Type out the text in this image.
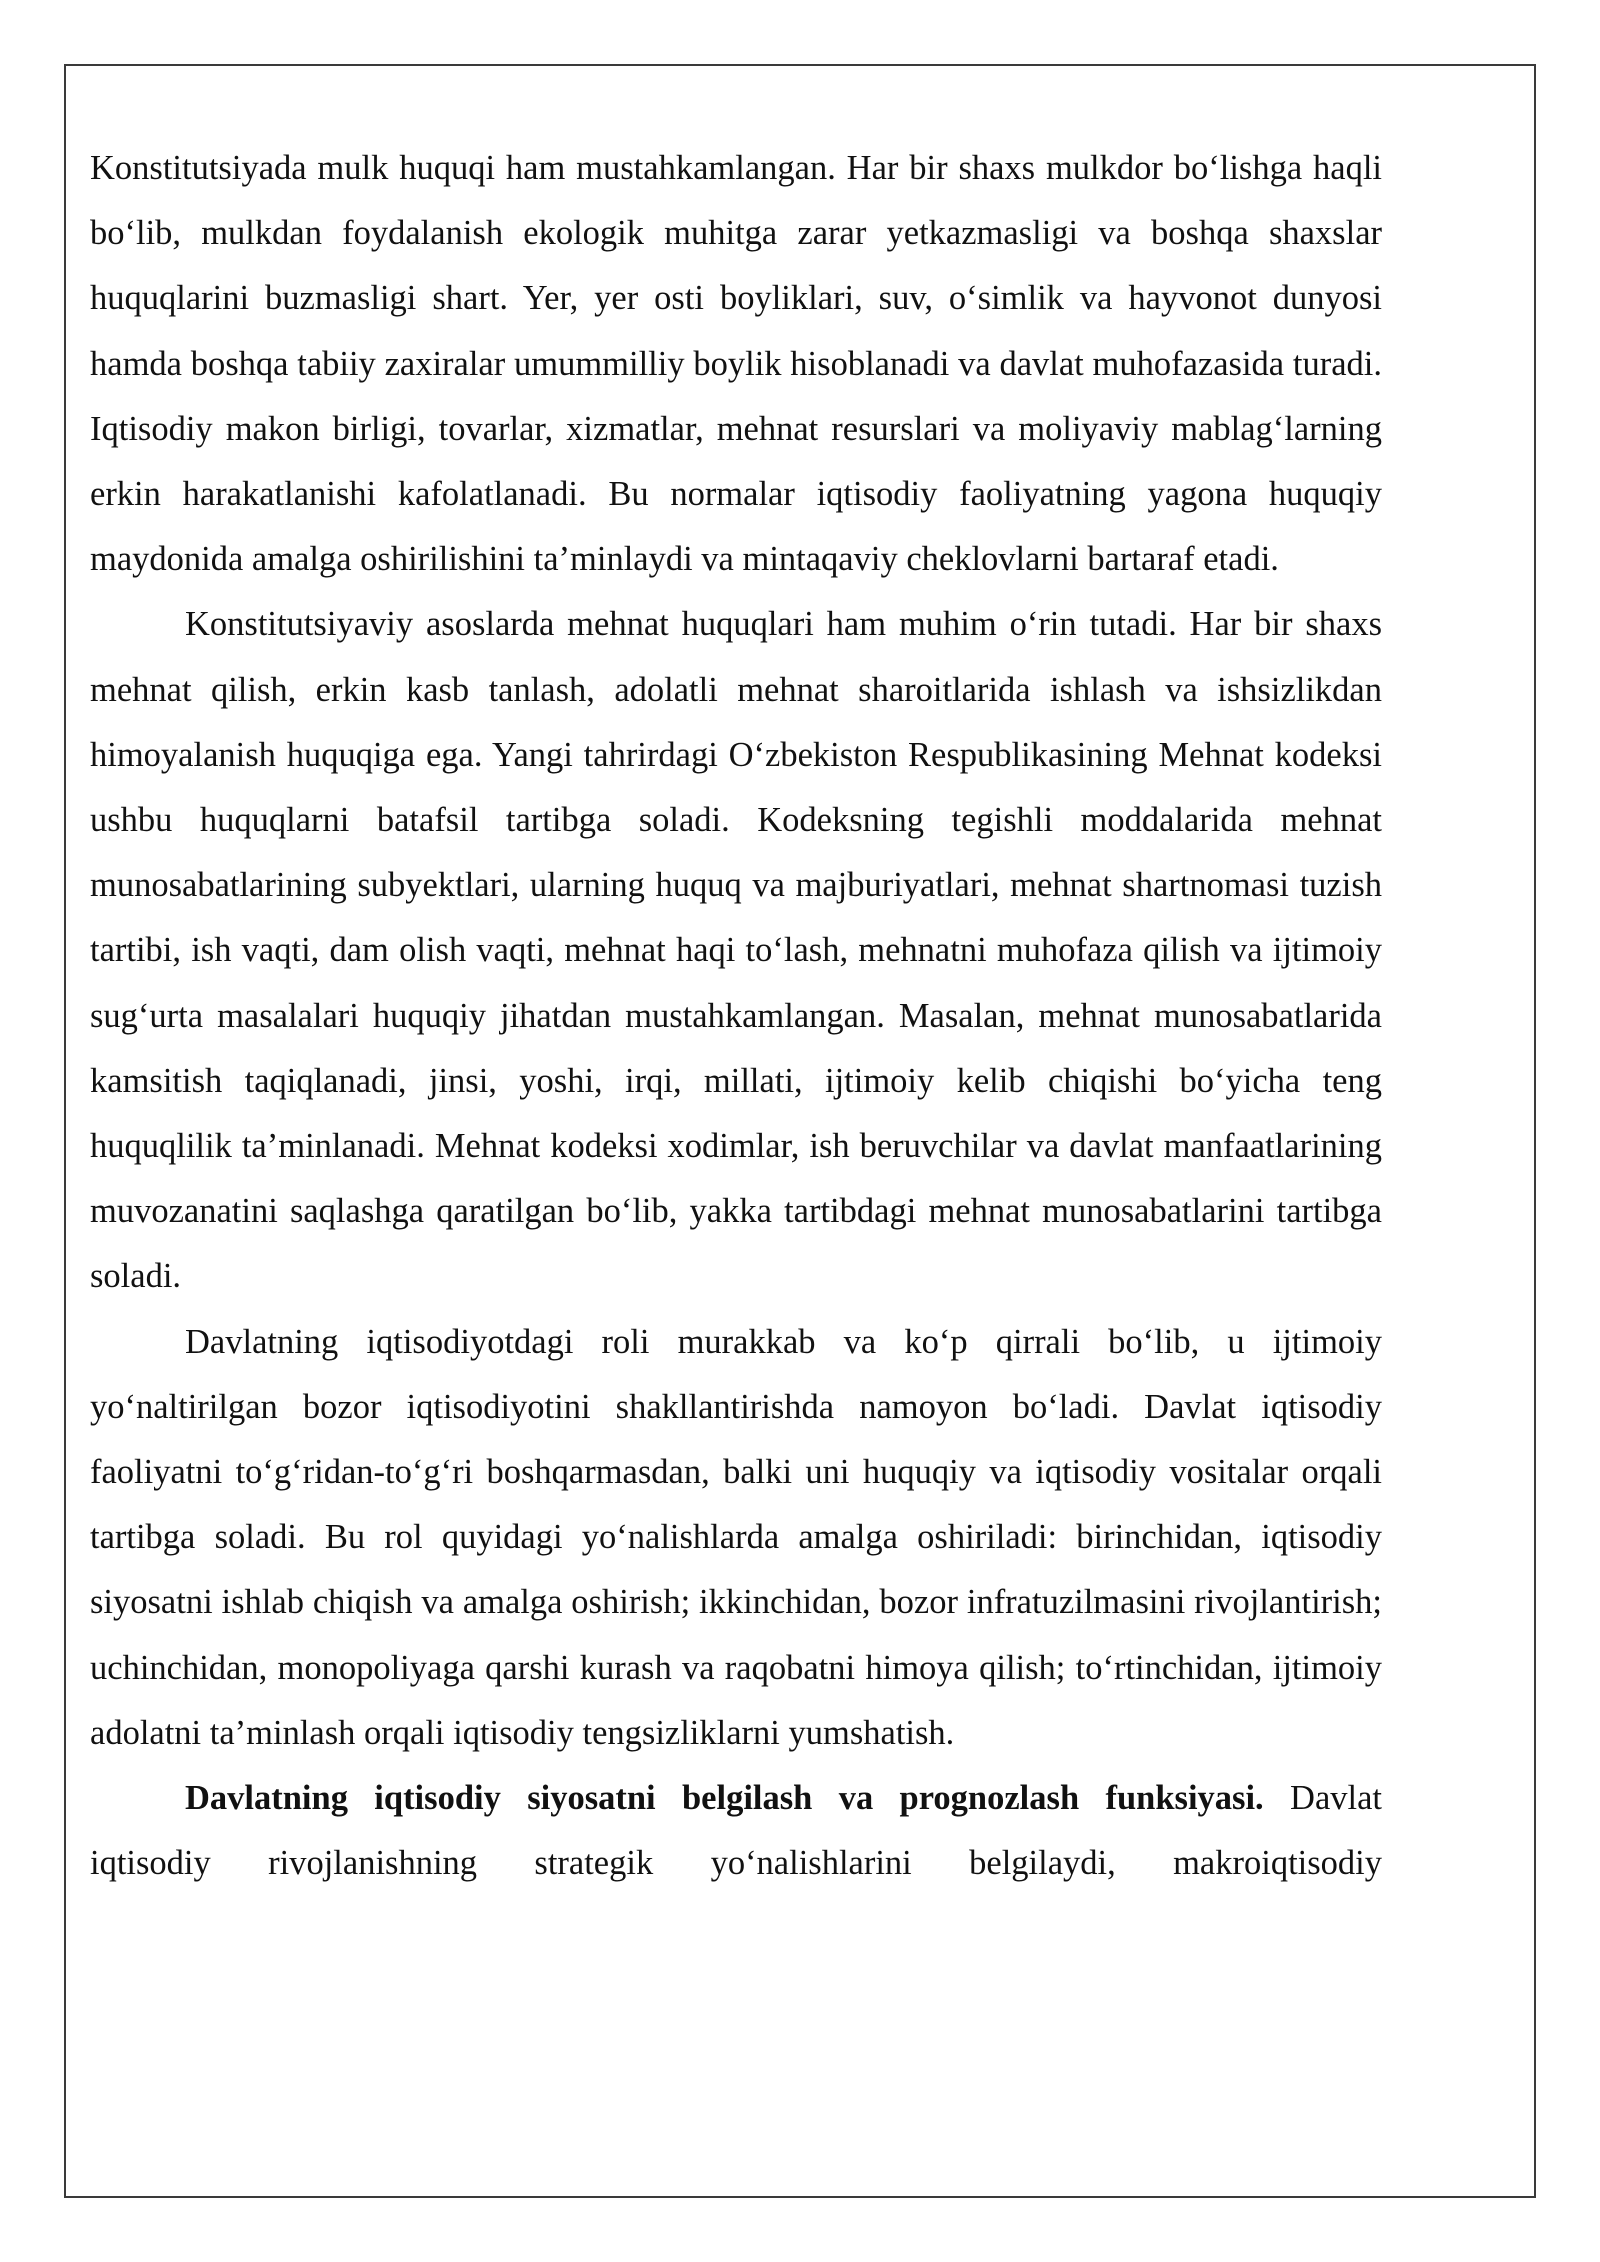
Konstitutsiyada mulk huquqi ham mustahkamlangan. Har bir shaxs mulkdor bo‘lishga haqli bo‘lib, mulkdan foydalanish ekologik muhitga zarar yetkazmasligi va boshqa shaxslar huquqlarini buzmasligi shart. Yer, yer osti boyliklari, suv, o‘simlik va hayvonot dunyosi hamda boshqa tabiiy zaxiralar umummilliy boylik hisoblanadi va davlat muhofazasida turadi. Iqtisodiy makon birligi, tovarlar, xizmatlar, mehnat resurslari va moliyaviy mablag‘larning erkin harakatlanishi kafolatlanadi. Bu normalar iqtisodiy faoliyatning yagona huquqiy maydonida amalga oshirilishini ta’minlaydi va mintaqaviy cheklovlarni bartaraf etadi.

Konstitutsiyaviy asoslarda mehnat huquqlari ham muhim o‘rin tutadi. Har bir shaxs mehnat qilish, erkin kasb tanlash, adolatli mehnat sharoitlarida ishlash va ishsizlikdan himoyalanish huquqiga ega. Yangi tahrirdagi O‘zbekiston Respublikasining Mehnat kodeksi ushbu huquqlarni batafsil tartibga soladi. Kodeksning tegishli moddalarida mehnat munosabatlarining subyektlari, ularning huquq va majburiyatlari, mehnat shartnomasi tuzish tartibi, ish vaqti, dam olish vaqti, mehnat haqi to‘lash, mehnatni muhofaza qilish va ijtimoiy sug‘urta masalalari huquqiy jihatdan mustahkamlangan. Masalan, mehnat munosabatlarida kamsitish taqiqlanadi, jinsi, yoshi, irqi, millati, ijtimoiy kelib chiqishi bo‘yicha teng huquqlilik ta’minlanadi. Mehnat kodeksi xodimlar, ish beruvchilar va davlat manfaatlarining muvozanatini saqlashga qaratilgan bo‘lib, yakka tartibdagi mehnat munosabatlarini tartibga soladi.

Davlatning iqtisodiyotdagi roli murakkab va ko‘p qirrali bo‘lib, u ijtimoiy yo‘naltirilgan bozor iqtisodiyotini shakllantirishda namoyon bo‘ladi. Davlat iqtisodiy faoliyatni to‘g‘ridan-to‘g‘ri boshqarmasdan, balki uni huquqiy va iqtisodiy vositalar orqali tartibga soladi. Bu rol quyidagi yo‘nalishlarda amalga oshiriladi: birinchidan, iqtisodiy siyosatni ishlab chiqish va amalga oshirish; ikkinchidan, bozor infratuzilmasini rivojlantirish; uchinchidan, monopoliyaga qarshi kurash va raqobatni himoya qilish; to‘rtinchidan, ijtimoiy adolatni ta’minlash orqali iqtisodiy tengsizliklarni yumshatish.

Davlatning iqtisodiy siyosatni belgilash va prognozlash funksiyasi. Davlat iqtisodiy rivojlanishning strategik yo‘nalishlarini belgilaydi, makroiqtisodiy
